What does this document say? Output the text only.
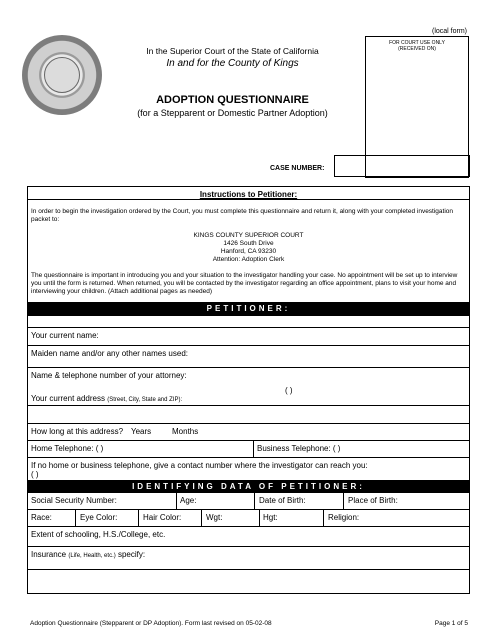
(local form)
In the Superior Court of the State of California
In and for the County of Kings
FOR COURT USE ONLY
(RECEIVED ON)
ADOPTION QUESTIONNAIRE
(for a Stepparent or Domestic Partner Adoption)
CASE NUMBER:
Instructions to Petitioner:
In order to begin the investigation ordered by the Court, you must complete this questionnaire and return it, along with your completed investigation packet to:
KINGS COUNTY SUPERIOR COURT
1426 South Drive
Hanford, CA 93230
Attention: Adoption Clerk
The questionnaire is important in introducing you and your situation to the investigator handling your case. No appointment will be set up to interview you until the form is returned. When returned, you will be contacted by the investigator regarding an office appointment, plans to visit your home and interviewing your children. (Attach additional pages as needed)
PETITIONER:
Your current name:
Maiden name and/or any other names used:
Name & telephone number of your attorney:
( )
Your current address (Street, City, State and ZIP):
How long at this address? Years	Months
Home Telephone: ( )	Business Telephone: ( )
If no home or business telephone, give a contact number where the investigator can reach you:
( )
IDENTIFYING DATA OF PETITIONER:
Social Security Number:	Age:	Date of Birth:	Place of Birth:
Race:	Eye Color:	Hair Color:	Wgt:	Hgt:	Religion:
Extent of schooling, H.S./College, etc.
Insurance (Life, Health, etc.) specify:
Adoption Questionnaire (Stepparent or DP Adoption). Form last revised on 05-02-08	Page 1 of 5
